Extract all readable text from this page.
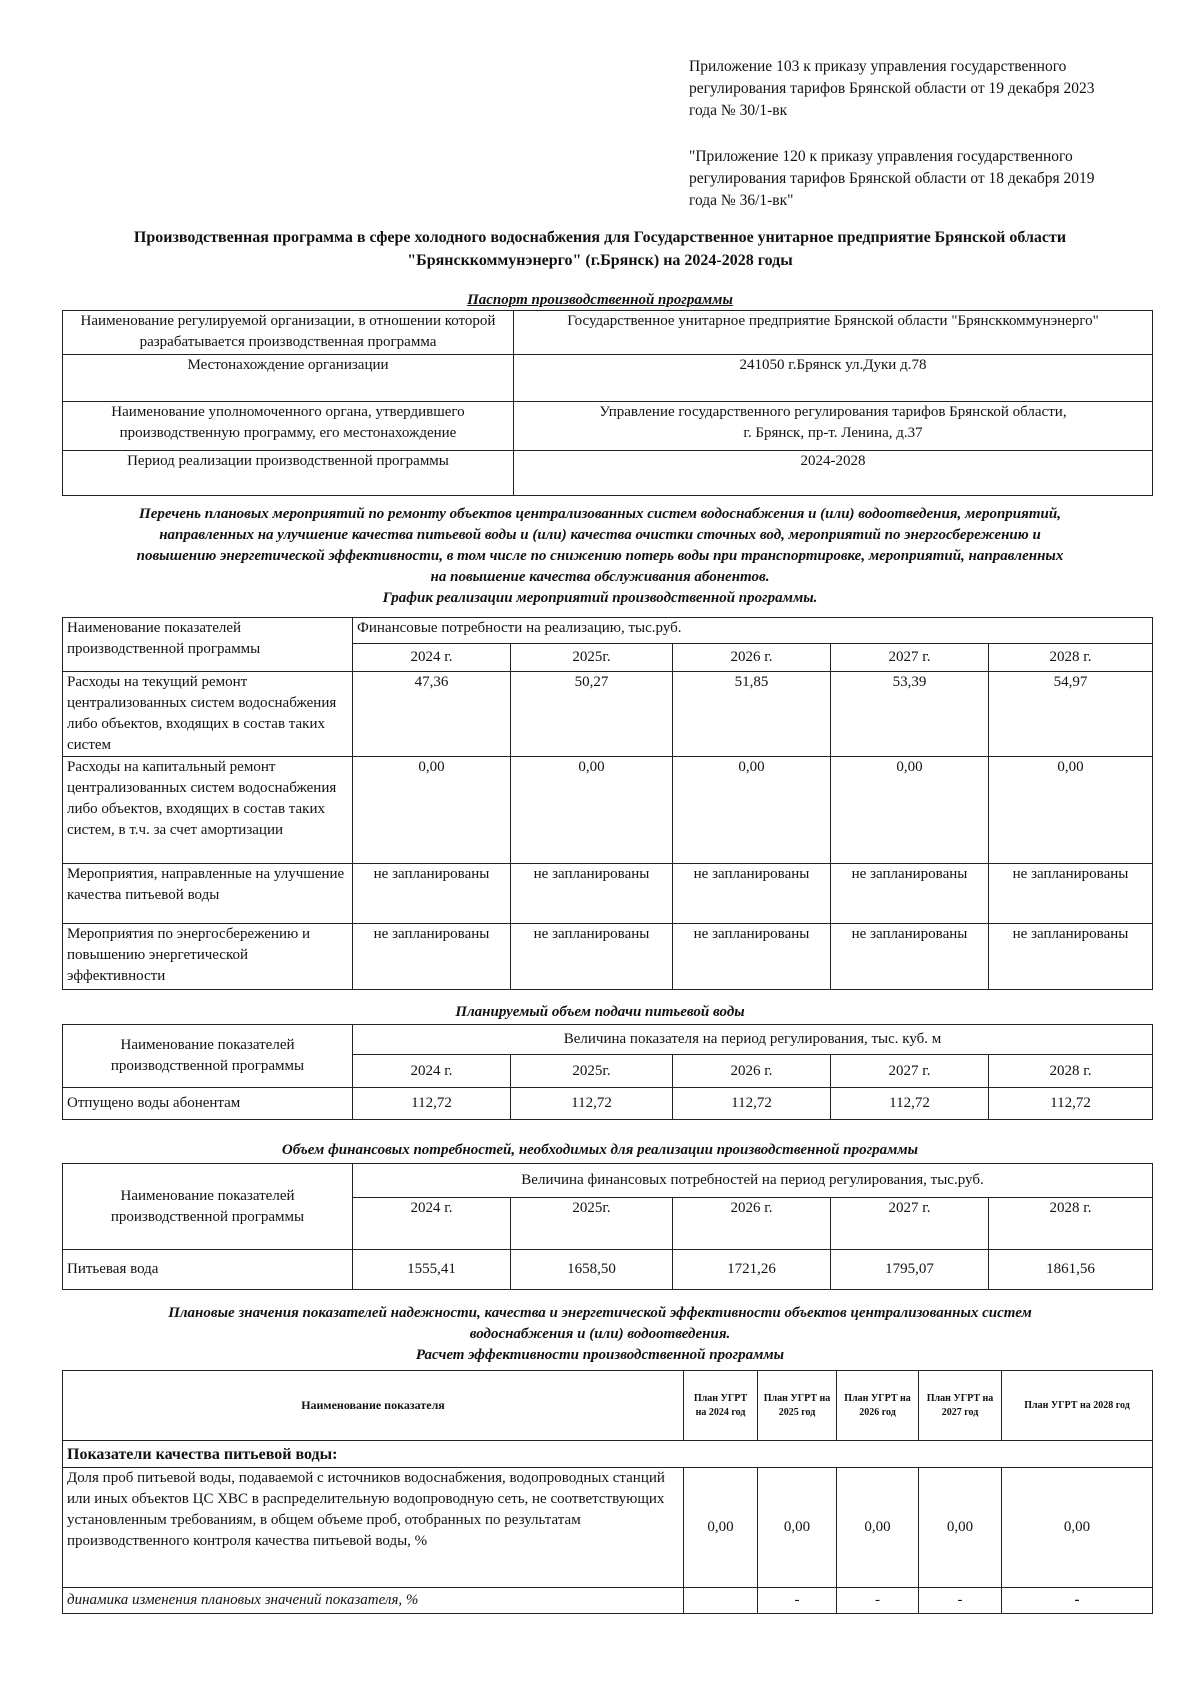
Приложение 103 к приказу управления государственного
регулирования тарифов Брянской области от 19 декабря 2023
года № 30/1-вк
"Приложение 120 к приказу управления государственного
регулирования тарифов Брянской области от 18 декабря 2019
года № 36/1-вк"
Производственная программа в сфере холодного водоснабжения для Государственное унитарное предприятие Брянской области
"Брянсккоммунэнерго" (г.Брянск) на 2024-2028 годы
Паспорт производственной программы
Наименование регулируемой организации, в отношении которой разрабатывается производственная программа	Государственное унитарное предприятие Брянской области "Брянсккоммунэнерго"
Местонахождение организации	241050 г.Брянск ул.Дуки д.78
Наименование уполномоченного органа, утвердившего производственную программу, его местонахождение	Управление государственного регулирования тарифов Брянской области,
г. Брянск, пр-т. Ленина, д.37

Период реализации производственной программы	2024-2028
Перечень плановых мероприятий по ремонту объектов централизованных систем водоснабжения и (или) водоотведения, мероприятий,
направленных на улучшение качества питьевой воды и (или) качества очистки сточных вод, мероприятий по энергосбережению и
повышению энергетической эффективности, в том числе по снижению потерь воды при транспортировке, мероприятий, направленных
на повышение качества обслуживания абонентов.
График реализации мероприятий производственной программы.
Наименование показателей производственной программы	Финансовые потребности на реализацию, тыс.руб.				
	2024 г.	2025г.	2026 г.	2027 г.	2028 г.
Расходы на текущий ремонт централизованных систем водоснабжения либо объектов, входящих в состав таких систем	47,36	50,27	51,85	53,39	54,97
Расходы на капитальный ремонт централизованных систем водоснабжения либо объектов, входящих в состав таких систем, в т.ч. за счет амортизации	0,00	0,00	0,00	0,00	0,00
Мероприятия, направленные на улучшение качества питьевой воды	не запланированы	не запланированы	не запланированы	не запланированы	не запланированы
Мероприятия по энергосбережению и повышению энергетической эффективности	не запланированы	не запланированы	не запланированы	не запланированы	не запланированы
Планируемый объем подачи питьевой воды
Наименование показателей производственной программы	Величина показателя на период регулирования, тыс. куб. м				
	2024 г.	2025г.	2026 г.	2027 г.	2028 г.
Отпущено воды абонентам	112,72	112,72	112,72	112,72	112,72
Объем финансовых потребностей, необходимых для реализации производственной программы
Наименование показателей производственной программы	Величина финансовых потребностей на период регулирования, тыс.руб.				
	2024 г.	2025г.	2026 г.	2027 г.	2028 г.
Питьевая вода	1555,41	1658,50	1721,26	1795,07	1861,56
Плановые значения показателей надежности, качества и энергетической эффективности объектов централизованных систем
водоснабжения и (или) водоотведения.
Расчет эффективности производственной программы
Наименование показателя	План УГРТ на 2024 год	План УГРТ на 2025 год	План УГРТ на 2026 год	План УГРТ на 2027 год	План УГРТ на 2028 год
Показатели качества питьевой воды:					
Доля проб питьевой воды, подаваемой с источников водоснабжения, водопроводных станций или иных объектов ЦС ХВС в распределительную водопроводную сеть, не соответствующих установленным требованиям, в общем объеме проб, отобранных по результатам производственного контроля качества питьевой воды, %	0,00	0,00	0,00	0,00	0,00
динамика изменения плановых значений показателя, %		-	-	-	-
